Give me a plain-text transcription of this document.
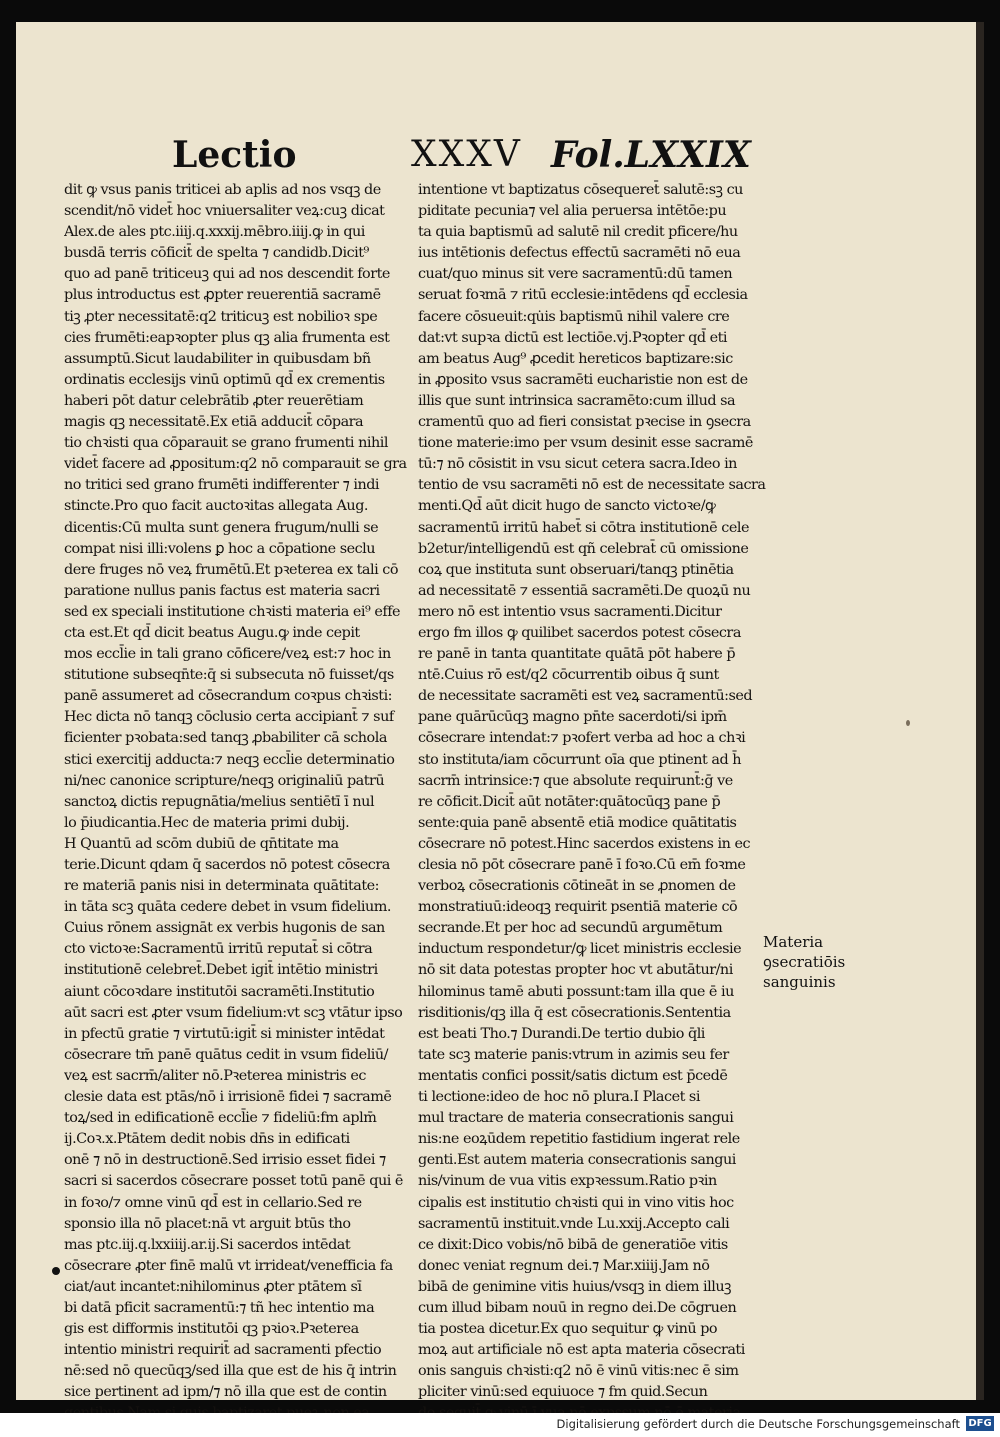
Lectio	XXXV Fol.LXXIX

dit ꝙ vsus panis triticei ab aplis ad nos vsqꝫ de

scendit/nō videt̄ hoc vniuersaliter veꝝ:cuꝫ dicat

Alex.de ales ptc.iiij.q.xxxij.mēbro.iiij.ꝙ in qui

busdā terris cōficit̄ de spelta ⁊ candidb.Dicit⁹

quo ad panē triticeuꝫ qui ad nos descendit forte

plus introductus est ꝓpter reuerentiā sacramē

tiꝫ ꝓter necessitatē:q2 triticuꝫ est nobilioꝛ spe

cies frumēti:eapꝛopter plus qꝫ alia frumenta est

assumptū.Sicut laudabiliter in quibusdam bñ

ordinatis ecclesijs vinū optimū qd̄ ex crementis

haberi pōt datur celebrātib ꝓter reuerētiam

magis qꝫ necessitatē.Ex etiā adducit̄ cōpara

tio chꝛisti qua cōparauit se grano frumenti nihil

videt̄ facere ad ꝓpositum:q2 nō comparauit se gra

no tritici sed grano frumēti indifferenter ⁊ indi

stincte.Pro quo facit auctoꝛitas allegata Aug.

dicentis:Cū multa sunt genera frugum/nulli se

compat nisi illi:volens ꝑ hoc a cōpatione seclu

dere fruges nō veꝝ frumētū.Et pꝛeterea ex tali cō

paratione nullus panis factus est materia sacri

sed ex speciali institutione chꝛisti materia ei⁹ effe

cta est.Et qd̄ dicit beatus Augu.ꝙ inde cepit

mos eccl̄ie in tali grano cōficere/veꝝ est:⁊ hoc in

stitutione subseqn̄te:q̄ si subsecuta nō fuisset/qs

panē assumeret ad cōsecrandum coꝛpus chꝛisti:

Hec dicta nō tanqꝫ cōclusio certa accipiant̄ ⁊ suf

ficienter pꝛobata:sed tanqꝫ ꝓbabiliter cā schola

stici exercitij adducta:⁊ neqꝫ eccl̄ie determinatio

ni/nec canonice scripture/neqꝫ originaliū patrū

sanctoꝝ dictis repugnātia/melius sentiētī ī nul

lo p̄iudicantia.Hec de materia primi dubij.

H Quantū ad scōm dubiū de qn̄titate ma

terie.Dicunt qdam q̄ sacerdos nō potest cōsecra

re materiā panis nisi in determinata quātitate:

in tāta scꝫ quāta cedere debet in vsum fidelium.

Cuius rōnem assignāt ex verbis hugonis de san

cto victoꝛe:Sacramentū irritū reputat̄ si cōtra

institutionē celebret̄.Debet igit̄ intētio ministri

aiunt cōcoꝛdare institutōi sacramēti.Institutio

aūt sacri est ꝓter vsum fidelium:vt scꝫ vtātur ipso

in pfectū gratie ⁊ virtutū:igit̄ si minister intēdat

cōsecrare tm̄ panē quātus cedit in vsum fideliū/

veꝝ est sacrm̄/aliter nō.Pꝛeterea ministris ec

clesie data est ptās/nō i irrisionē fidei ⁊ sacramē

toꝝ/sed in edificationē eccl̄ie ⁊ fideliū:fm aplm̄

ij.Coꝛ.x.Ptātem dedit nobis dn̄s in edificati

onē ⁊ nō in destructionē.Sed irrisio esset fidei ⁊

sacri si sacerdos cōsecrare posset totū panē qui ē

in foꝛo/⁊ omne vinū qd̄ est in cellario.Sed re

sponsio illa nō placet:nā vt arguit btūs tho

mas ptc.iij.q.lxxiiij.ar.ij.Si sacerdos intēdat

cōsecrare ꝓter finē malū vt irrideat/venefficia fa

ciat/aut incantet:nihilominus ꝓter ptātem sī

bi datā pficit sacramentū:⁊ tñ hec intentio ma

gis est difformis institutōi qꝫ pꝛioꝛ.Pꝛeterea

intentio ministri requirit̄ ad sacramenti pfectio

nē:sed nō quecūqꝫ/sed illa que est de his q̄ intrin

sice pertinent ad ipm/⁊ nō illa que est de contin

intentione vt baptizatus cōsequeret̄ salutē:sꝫ cu

piditate pecunia⁊ vel alia peruersa intētōe:pu

ta quia baptismū ad salutē nil credit pficere/hu

ius intētionis defectus effectū sacramēti nō eua

cuat/quo minus sit vere sacramentū:dū tamen

seruat foꝛmā ⁊ ritū ecclesie:intēdens qd̄ ecclesia

facere cōsueuit:qu̇is baptismū nihil valere cre

dat:vt supꝛa dictū est lectiōe.vj.Pꝛopter qd̄ eti

am beatus Aug⁹ ꝓcedit hereticos baptizare:sic

in ꝓposito vsus sacramēti eucharistie non est de

illis que sunt intrinsica sacramēto:cum illud sa

cramentū quo ad fieri consistat pꝛecise in ꝯsecra

tione materie:imo per vsum desinit esse sacramē

tū:⁊ nō cōsistit in vsu sicut cetera sacra.Ideo in

tentio de vsu sacramēti nō est de necessitate sacra

menti.Qd̄ aūt dicit hugo de sancto victoꝛe/ꝙ

sacramentū irritū habet̄ si cōtra institutionē cele

b2etur/intelligendū est qñ celebrat̄ cū omissione

coꝝ que instituta sunt obseruari/tanqꝫ ptinētia

ad necessitatē ⁊ essentiā sacramēti.De quoꝝū nu

mero nō est intentio vsus sacramenti.Dicitur

ergo fm illos ꝙ quilibet sacerdos potest cōsecra

re panē in tanta quantitate quātā pōt habere p̄

ntē.Cuius rō est/q2 cōcurrentib oibus q̄ sunt

de necessitate sacramēti est veꝝ sacramentū:sed

pane quārūcūqꝫ magno pn̄te sacerdoti/si ipm̄

cōsecrare intendat:⁊ pꝛofert verba ad hoc a chꝛi

sto instituta/iam cōcurrunt oīa que ptinent ad h̄

sacrm̄ intrinsice:⁊ que absolute requirunt̄:ḡ ve

re cōficit.Dicit̄ aūt notāter:quātocūqꝫ pane p̄

sente:quia panē absentē etiā modice quātitatis

cōsecrare nō potest.Hinc sacerdos existens in ec

clesia nō pōt cōsecrare panē ī foꝛo.Cū em̄ foꝛme

verboꝝ cōsecrationis cōtineāt in se ꝓnomen de

monstratiuū:ideoqꝫ requirit psentiā materie cō

secrande.Et per hoc ad secundū argumētum

inductum respondetur/ꝙ licet ministris ecclesie

nō sit data potestas propter hoc vt abutātur/ni

hilominus tamē abuti possunt:tam illa que ē iu

risditionis/qꝫ illa q̄ est cōsecrationis.Sententia

est beati Tho.⁊ Durandi.De tertio dubio q̄li

tate scꝫ materie panis:vtrum in azimis seu fer

mentatis confici possit/satis dictum est p̄cedē

ti lectione:ideo de hoc nō plura.I Placet si

mul tractare de materia consecrationis sangui

nis:ne eoꝝūdem repetitio fastidium ingerat rele

genti.Est autem materia consecrationis sangui

nis/vinum de vua vitis expꝛessum.Ratio pꝛin

cipalis est institutio chꝛisti qui in vino vitis hoc

sacramentū instituit.vnde Lu.xxij.Accepto cali

ce dixit:Dico vobis/nō bibā de generatiōe vitis

donec veniat regnum dei.⁊ Mar.xiiij.Jam nō

bibā de genimine vitis huius/vsqꝫ in diem illuꝫ

cum illud bibam nouū in regno dei.De cōgruen

tia postea dicetur.Ex quo sequitur ꝙ vinū po

moꝝ aut artificiale nō est apta materia cōsecrati

onis sanguis chꝛisti:q2 nō ē vinū vitis:nec ē sim

pliciter vinū:sed equiuoce ⁊ fm quid.Secun

Materia

ꝯsecratiōis

sanguinis

Digitalisierung gefördert durch die Deutsche Forschungsgemeinschaft DFG
